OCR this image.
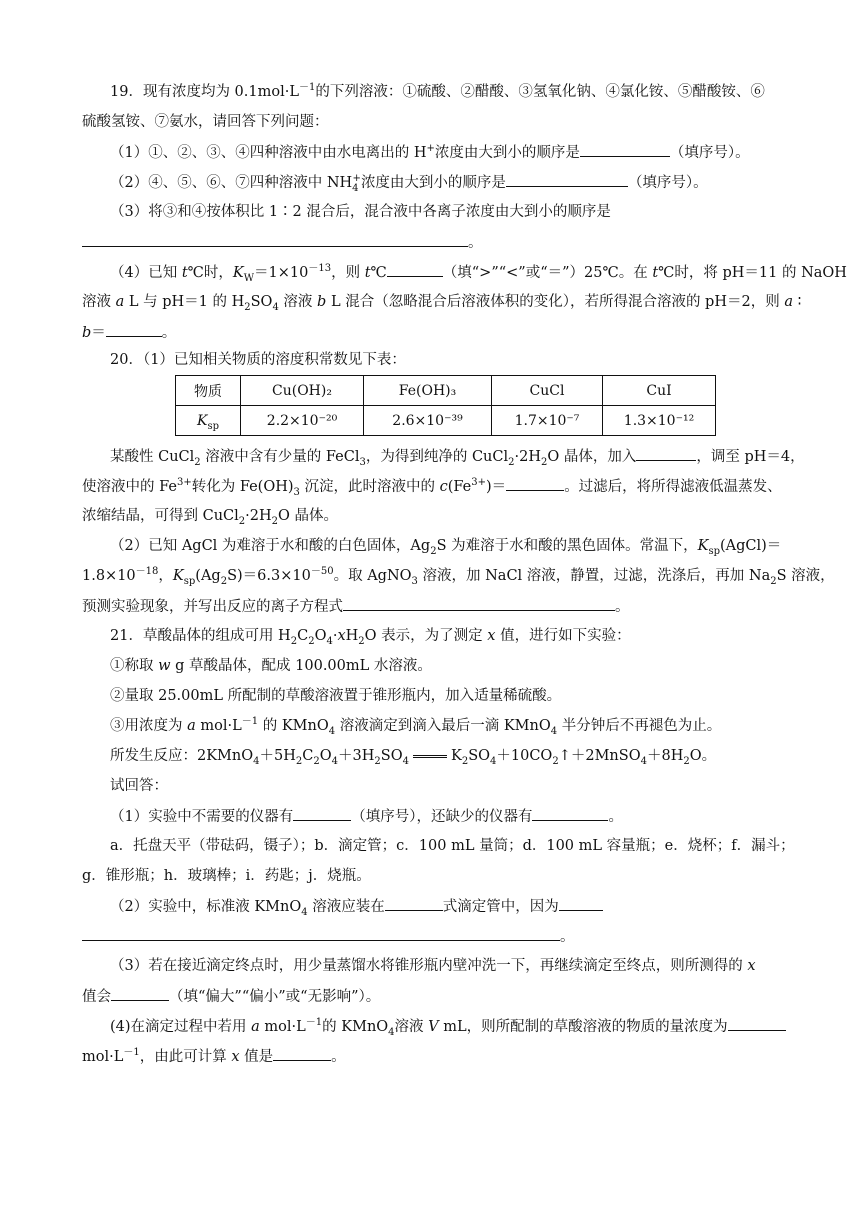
19．现有浓度均为 $0.1mol\cdot L^{-1}$的下列溶液：①硫酸、②醋酸、③氢氧化钠、④氯化铵、⑤醋酸铵、⑥
硫酸氢铵、⑦氨水，请回答下列问题：
（1）①、②、③、④四种溶液中由水电离出的 H+浓度由大到小的顺序是	（填序号）。
（2）④、⑤、⑥、⑦四种溶液中 $NH_4^+$浓度由大到小的顺序是	（填序号）。
（3）将③和④按体积比 1∶2 混合后，混合液中各离子浓度由大到小的顺序是
。
（4）已知 t℃时，$K_W=1\times 10^{-13}$，则 t℃	（填“>”“<”或“＝”）25℃。在 t℃时，将 pH＝11 的 NaOH
溶液 a L 与 pH＝1 的 $H_2SO_4$ 溶液 b L 混合（忽略混合后溶液体积的变化），若所得混合溶液的 pH＝2，则 a ∶
b＝	。
20．（1）已知相关物质的溶度积常数见下表：
物质	Cu(OH)₂	Fe(OH)₃	CuCl	CuI
$K_{sp}$	2.2×10⁻²⁰	2.6×10⁻³⁹	1.7×10⁻⁷	1.3×10⁻¹²
某酸性 CuCl$_2$ 溶液中含有少量的 FeCl$_3$，为得到纯净的 $CuCl_2\cdot 2H_2O$ 晶体，加入	，调至 pH＝4，
使溶液中的 $Fe^{3+}$转化为 $Fe(OH)_3$ 沉淀，此时溶液中的 $c(Fe^{3+})=$	。过滤后，将所得滤液低温蒸发、
浓缩结晶，可得到 $CuCl_2\cdot 2H_2O$ 晶体。
（2）已知 AgCl 为难溶于水和酸的白色固体，$Ag_2S$ 为难溶于水和酸的黑色固体。常温下，$K_{sp}(AgCl)=$
$1.8\times 10^{-18}$，$K_{sp}(Ag_2S)=6.3\times 10^{-50}$。取 AgNO$_3$ 溶液，加 NaCl 溶液，静置，过滤，洗涤后，再加 $Na_2S$ 溶液，
预测实验现象，并写出反应的离子方程式	。
21．草酸晶体的组成可用 $H_2C_2O_4\cdot xH_2O$ 表示，为了测定 x 值，进行如下实验：
①称取 w g 草酸晶体，配成 100.00mL 水溶液。
②量取 25.00mL 所配制的草酸溶液置于锥形瓶内，加入适量稀硫酸。
③用浓度为 a $mol\cdot L^{-1}$ 的 KMnO$_4$ 溶液滴定到滴入最后一滴 KMnO$_4$ 半分钟后不再褪色为止。
所发生反应：$2KMnO_4+5H_2C_2O_4+3H_2SO_4$	$K_2SO_4+10CO_2↑+2MnSO_4+8H_2O$。
试回答：
（1）实验中不需要的仪器有	（填序号），还缺少的仪器有	。
a．托盘天平（带砝码，镊子）；b．滴定管；c．100 mL 量筒；d．100 mL 容量瓶；e．烧杯；f．漏斗；
g．锥形瓶；h．玻璃棒；i．药匙；j．烧瓶。
（2）实验中，标准液 KMnO$_4$ 溶液应装在	式滴定管中，因为
。
（3）若在接近滴定终点时，用少量蒸馏水将锥形瓶内壁冲洗一下，再继续滴定至终点，则所测得的 x
值会	（填“偏大”“偏小”或“无影响”）。
(4)在滴定过程中若用 a $mol\cdot L^{-1}$的 KMnO$_4$溶液 V mL，则所配制的草酸溶液的物质的量浓度为
$mol\cdot L^{-1}$，由此可计算 x 值是	。
